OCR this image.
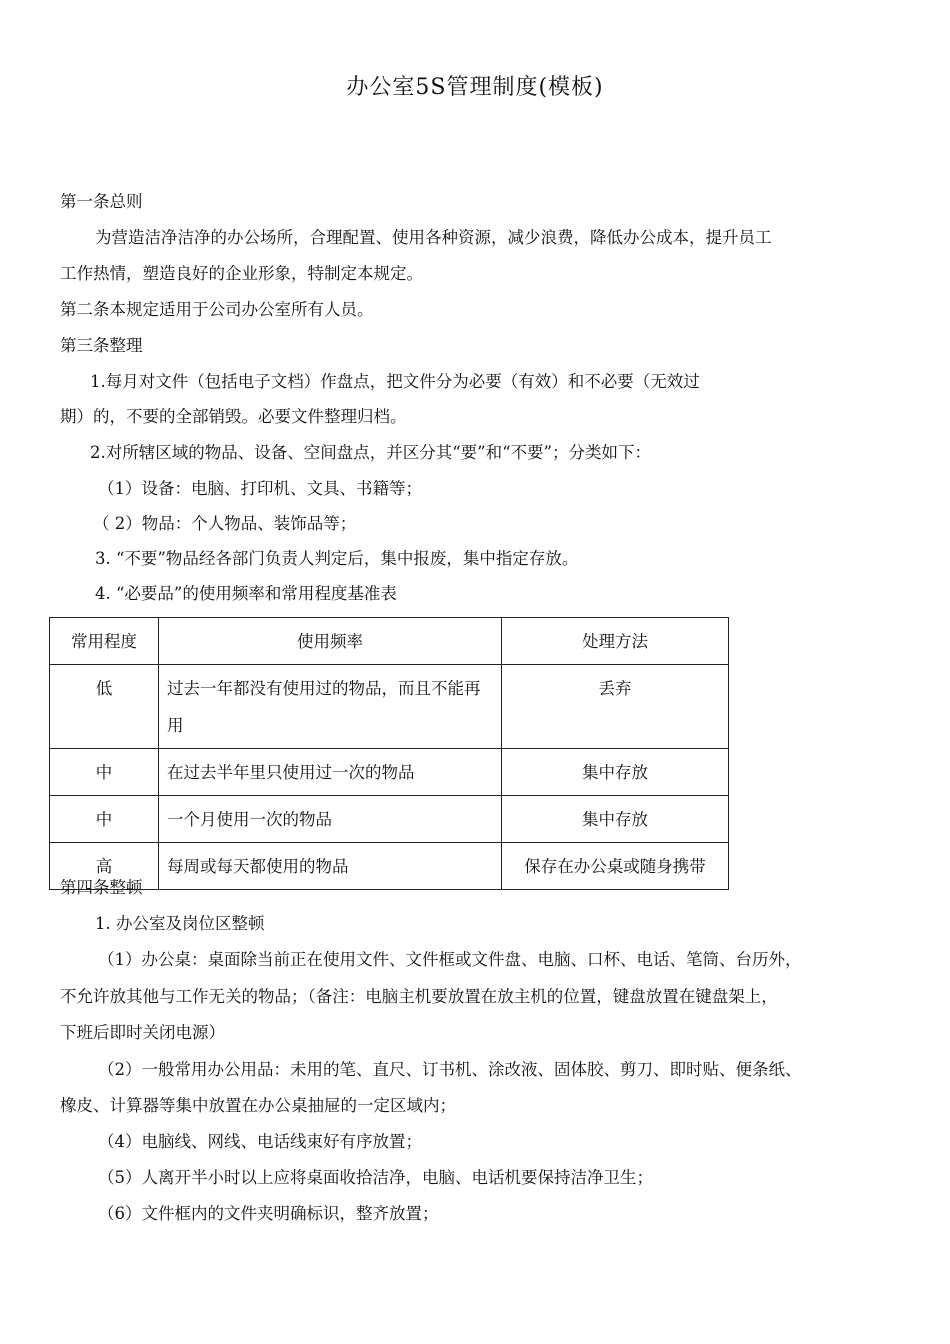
办公室5S管理制度(模板)
第一条总则
为营造洁净洁净的办公场所，合理配置、使用各种资源，减少浪费，降低办公成本，提升员工
工作热情，塑造良好的企业形象，特制定本规定。
第二条本规定适用于公司办公室所有人员。
第三条整理
1.每月对文件（包括电子文档）作盘点，把文件分为必要（有效）和不必要（无效过
期）的，不要的全部销毁。必要文件整理归档。
2.对所辖区域的物品、设备、空间盘点，并区分其“要”和“不要”；分类如下：
（1）设备：电脑、打印机、文具、书籍等；
（ 2）物品：个人物品、装饰品等；
3. “不要”物品经各部门负责人判定后，集中报废，集中指定存放。
4. “必要品”的使用频率和常用程度基准表
常用程度	使用频率	处理方法
低	过去一年都没有使用过的物品，而且不能再用	丢弃
中	在过去半年里只使用过一次的物品	集中存放
中	一个月使用一次的物品	集中存放
高	每周或每天都使用的物品	保存在办公桌或随身携带
第四条整顿
1. 办公室及岗位区整顿
（1）办公桌：桌面除当前正在使用文件、文件框或文件盘、电脑、口杯、电话、笔筒、台历外，
不允许放其他与工作无关的物品；（备注：电脑主机要放置在放主机的位置，键盘放置在键盘架上，
下班后即时关闭电源）
（2）一般常用办公用品：未用的笔、直尺、订书机、涂改液、固体胶、剪刀、即时贴、便条纸、
橡皮、计算器等集中放置在办公桌抽屉的一定区域内；
（4）电脑线、网线、电话线束好有序放置；
（5）人离开半小时以上应将桌面收拾洁净，电脑、电话机要保持洁净卫生；
（6）文件框内的文件夹明确标识，整齐放置；
